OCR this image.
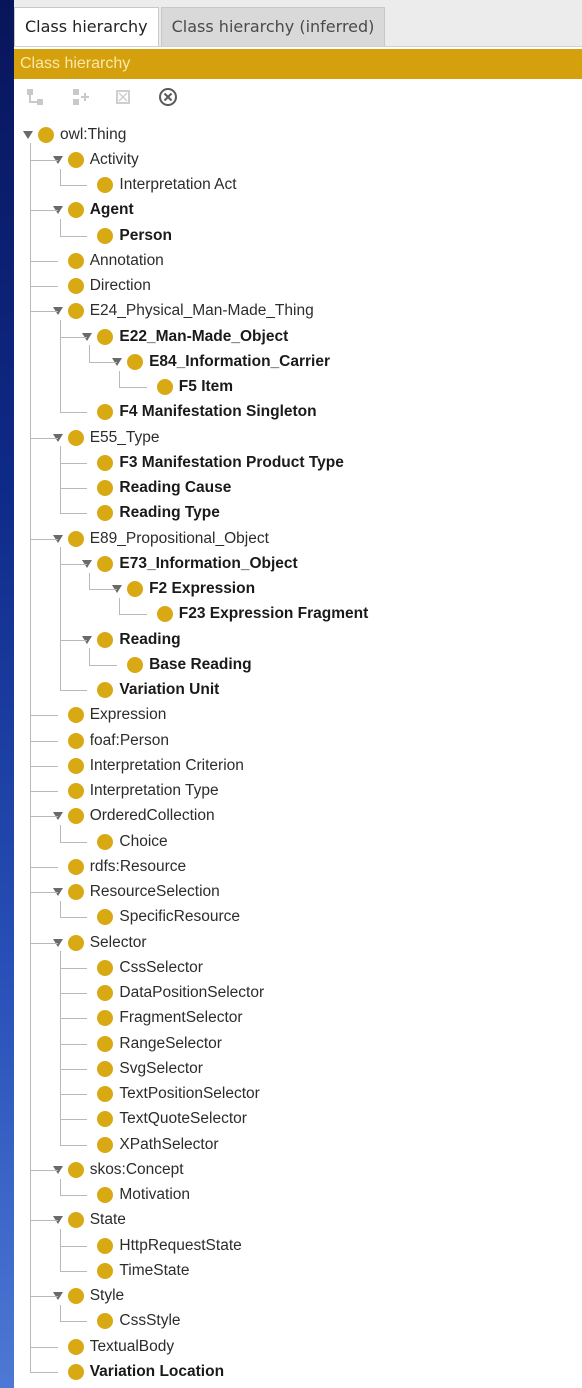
Class hierarchy	Class hierarchy (inferred)
Class hierarchy
owl:Thing
Activity
Interpretation Act
Agent
Person
Annotation
Direction
E24_Physical_Man-Made_Thing
E22_Man-Made_Object
E84_Information_Carrier
F5 Item
F4 Manifestation Singleton
E55_Type
F3 Manifestation Product Type
Reading Cause
Reading Type
E89_Propositional_Object
E73_Information_Object
F2 Expression
F23 Expression Fragment
Reading
Base Reading
Variation Unit
Expression
foaf:Person
Interpretation Criterion
Interpretation Type
OrderedCollection
Choice
rdfs:Resource
ResourceSelection
SpecificResource
Selector
CssSelector
DataPositionSelector
FragmentSelector
RangeSelector
SvgSelector
TextPositionSelector
TextQuoteSelector
XPathSelector
skos:Concept
Motivation
State
HttpRequestState
TimeState
Style
CssStyle
TextualBody
Variation Location
